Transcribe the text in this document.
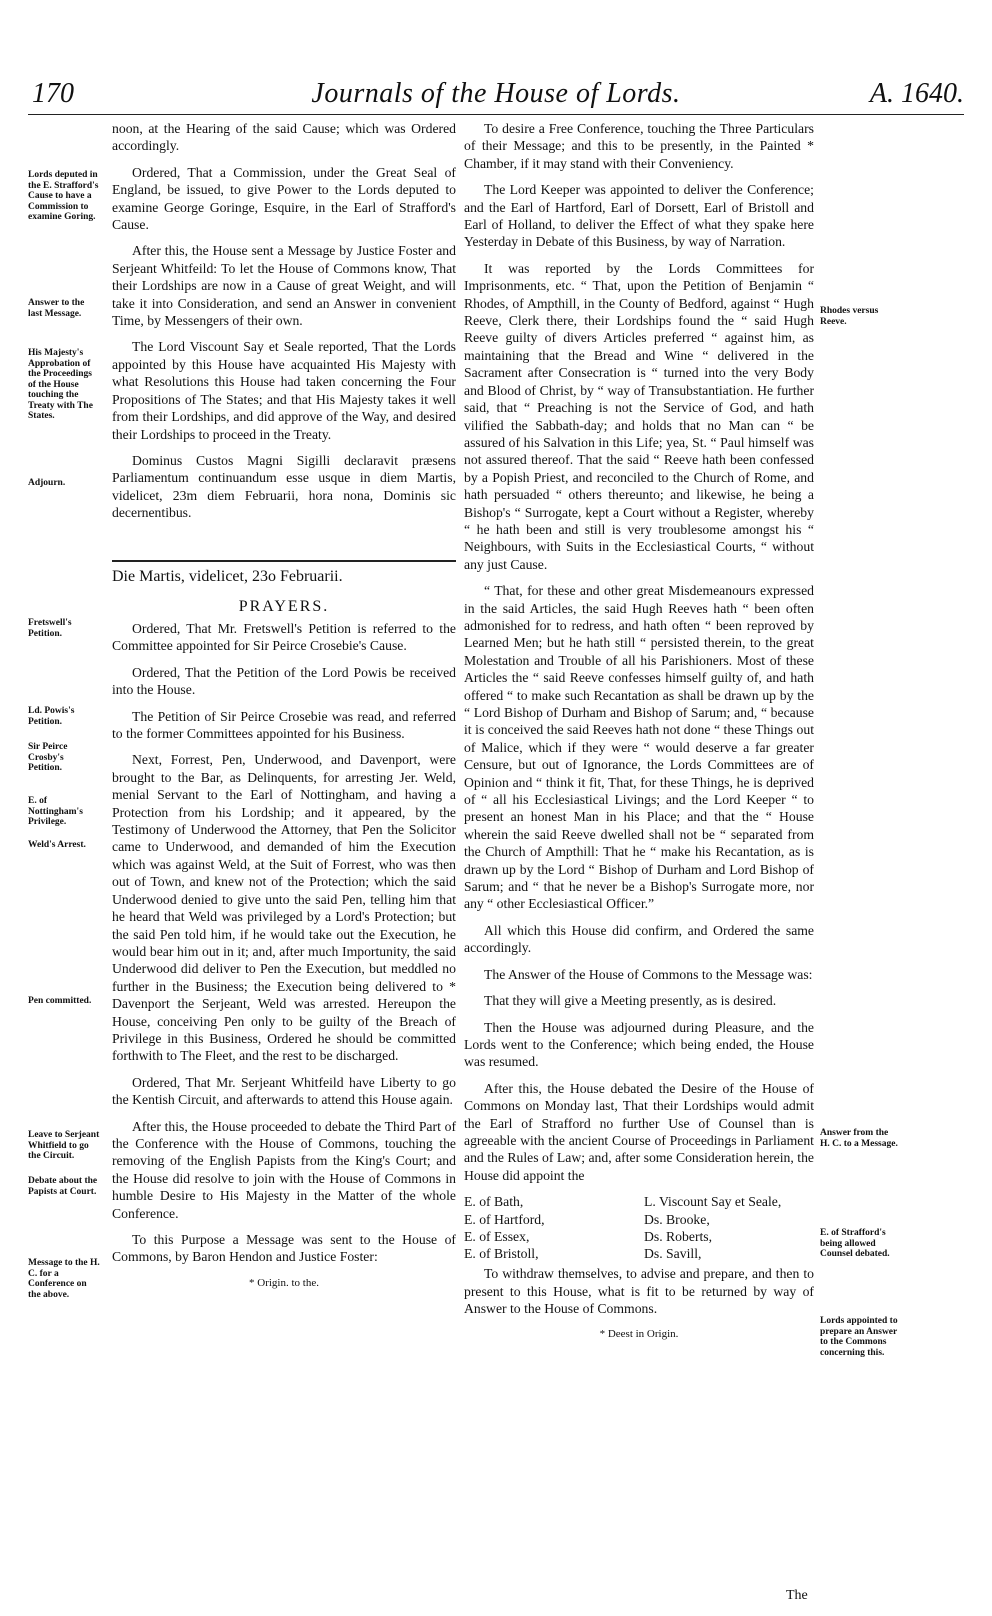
170	Journals of the House of Lords.	A. 1640.
Lords deputed in the E. Strafford's Cause to have a Commission to examine Goring.
Answer to the last Message.
His Majesty's Approbation of the Proceedings of the House touching the Treaty with The States.
Adjourn.
Fretswell's Petition.
Ld. Powis's Petition.
Sir Peirce Crosby's Petition.
E. of Nottingham's Privilege.
Weld's Arrest.
Pen committed.
Leave to Serjeant Whitfield to go the Circuit.
Debate about the Papists at Court.
Message to the H. C. for a Conference on the above.

noon, at the Hearing of the said Cause; which was Ordered accordingly.

Ordered, That a Commission, under the Great Seal of England, be issued, to give Power to the Lords deputed to examine George Goringe, Esquire, in the Earl of Strafford's Cause.

After this, the House sent a Message by Justice Foster and Serjeant Whitfeild: To let the House of Commons know, That their Lordships are now in a Cause of great Weight, and will take it into Consideration, and send an Answer in convenient Time, by Messengers of their own.

The Lord Viscount Say et Seale reported, That the Lords appointed by this House have acquainted His Majesty with what Resolutions this House had taken concerning the Four Propositions of The States; and that His Majesty takes it well from their Lordships, and did approve of the Way, and desired their Lordships to proceed in the Treaty.

Dominus Custos Magni Sigilli declaravit præsens Parliamentum continuandum esse usque in diem Martis, videlicet, 23m diem Februarii, hora nona, Dominis sic decernentibus.

Die Martis, videlicet, 23o Februarii.
PRAYERS.

Ordered, That Mr. Fretswell's Petition is referred to the Committee appointed for Sir Peirce Crosebie's Cause.

Ordered, That the Petition of the Lord Powis be received into the House.

The Petition of Sir Peirce Crosebie was read, and referred to the former Committees appointed for his Business.

Next, Forrest, Pen, Underwood, and Davenport, were brought to the Bar, as Delinquents, for arresting Jer. Weld, menial Servant to the Earl of Nottingham, and having a Protection from his Lordship; and it appeared, by the Testimony of Underwood the Attorney, that Pen the Solicitor came to Underwood, and demanded of him the Execution which was against Weld, at the Suit of Forrest, who was then out of Town, and knew not of the Protection; which the said Underwood denied to give unto the said Pen, telling him that he heard that Weld was privileged by a Lord's Protection; but the said Pen told him, if he would take out the Execution, he would bear him out in it; and, after much Importunity, the said Underwood did deliver to Pen the Execution, but meddled no further in the Business; the Execution being delivered to * Davenport the Serjeant, Weld was arrested. Hereupon the House, conceiving Pen only to be guilty of the Breach of Privilege in this Business, Ordered he should be committed forthwith to The Fleet, and the rest to be discharged.

Ordered, That Mr. Serjeant Whitfeild have Liberty to go the Kentish Circuit, and afterwards to attend this House again.

After this, the House proceeded to debate the Third Part of the Conference with the House of Commons, touching the removing of the English Papists from the King's Court; and the House did resolve to join with the House of Commons in humble Desire to His Majesty in the Matter of the whole Conference.

To this Purpose a Message was sent to the House of Commons, by Baron Hendon and Justice Foster:

* Origin. to the.

To desire a Free Conference, touching the Three Particulars of their Message; and this to be presently, in the Painted * Chamber, if it may stand with their Conveniency.

The Lord Keeper was appointed to deliver the Conference; and the Earl of Hartford, Earl of Dorsett, Earl of Bristoll and Earl of Holland, to deliver the Effect of what they spake here Yesterday in Debate of this Business, by way of Narration.

It was reported by the Lords Committees for Imprisonments, etc. “ That, upon the Petition of Benjamin “ Rhodes, of Ampthill, in the County of Bedford, against “ Hugh Reeve, Clerk there, their Lordships found the “ said Hugh Reeve guilty of divers Articles preferred “ against him, as maintaining that the Bread and Wine “ delivered in the Sacrament after Consecration is “ turned into the very Body and Blood of Christ, by “ way of Transubstantiation. He further said, that “ Preaching is not the Service of God, and hath vilified the Sabbath-day; and holds that no Man can “ be assured of his Salvation in this Life; yea, St. “ Paul himself was not assured thereof. That the said “ Reeve hath been confessed by a Popish Priest, and reconciled to the Church of Rome, and hath persuaded “ others thereunto; and likewise, he being a Bishop's “ Surrogate, kept a Court without a Register, whereby “ he hath been and still is very troublesome amongst his “ Neighbours, with Suits in the Ecclesiastical Courts, “ without any just Cause.

“ That, for these and other great Misdemeanours expressed in the said Articles, the said Hugh Reeves hath “ been often admonished for to redress, and hath often “ been reproved by Learned Men; but he hath still “ persisted therein, to the great Molestation and Trouble of all his Parishioners. Most of these Articles the “ said Reeve confesses himself guilty of, and hath offered “ to make such Recantation as shall be drawn up by the “ Lord Bishop of Durham and Bishop of Sarum; and, “ because it is conceived the said Reeves hath not done “ these Things out of Malice, which if they were “ would deserve a far greater Censure, but out of Ignorance, the Lords Committees are of Opinion and “ think it fit, That, for these Things, he is deprived of “ all his Ecclesiastical Livings; and the Lord Keeper “ to present an honest Man in his Place; and that the “ House wherein the said Reeve dwelled shall not be “ separated from the Church of Ampthill: That he “ make his Recantation, as is drawn up by the Lord “ Bishop of Durham and Lord Bishop of Sarum; and “ that he never be a Bishop's Surrogate more, nor any “ other Ecclesiastical Officer.”

All which this House did confirm, and Ordered the same accordingly.

The Answer of the House of Commons to the Message was:

That they will give a Meeting presently, as is desired.

Then the House was adjourned during Pleasure, and the Lords went to the Conference; which being ended, the House was resumed.

After this, the House debated the Desire of the House of Commons on Monday last, That their Lordships would admit the Earl of Strafford no further Use of Counsel than is agreeable with the ancient Course of Proceedings in Parliament and the Rules of Law; and, after some Consideration herein, the House did appoint the

E. of Bath,
E. of Hartford,
E. of Essex,
E. of Bristoll,
L. Viscount Say et Seale,
Ds. Brooke,
Ds. Roberts,
Ds. Savill,

To withdraw themselves, to advise and prepare, and then to present to this House, what is fit to be returned by way of Answer to the House of Commons.

* Deest in Origin.
Rhodes versus Reeve.
Answer from the H. C. to a Message.
E. of Strafford's being allowed Counsel debated.
Lords appointed to prepare an Answer to the Commons concerning this.
The
